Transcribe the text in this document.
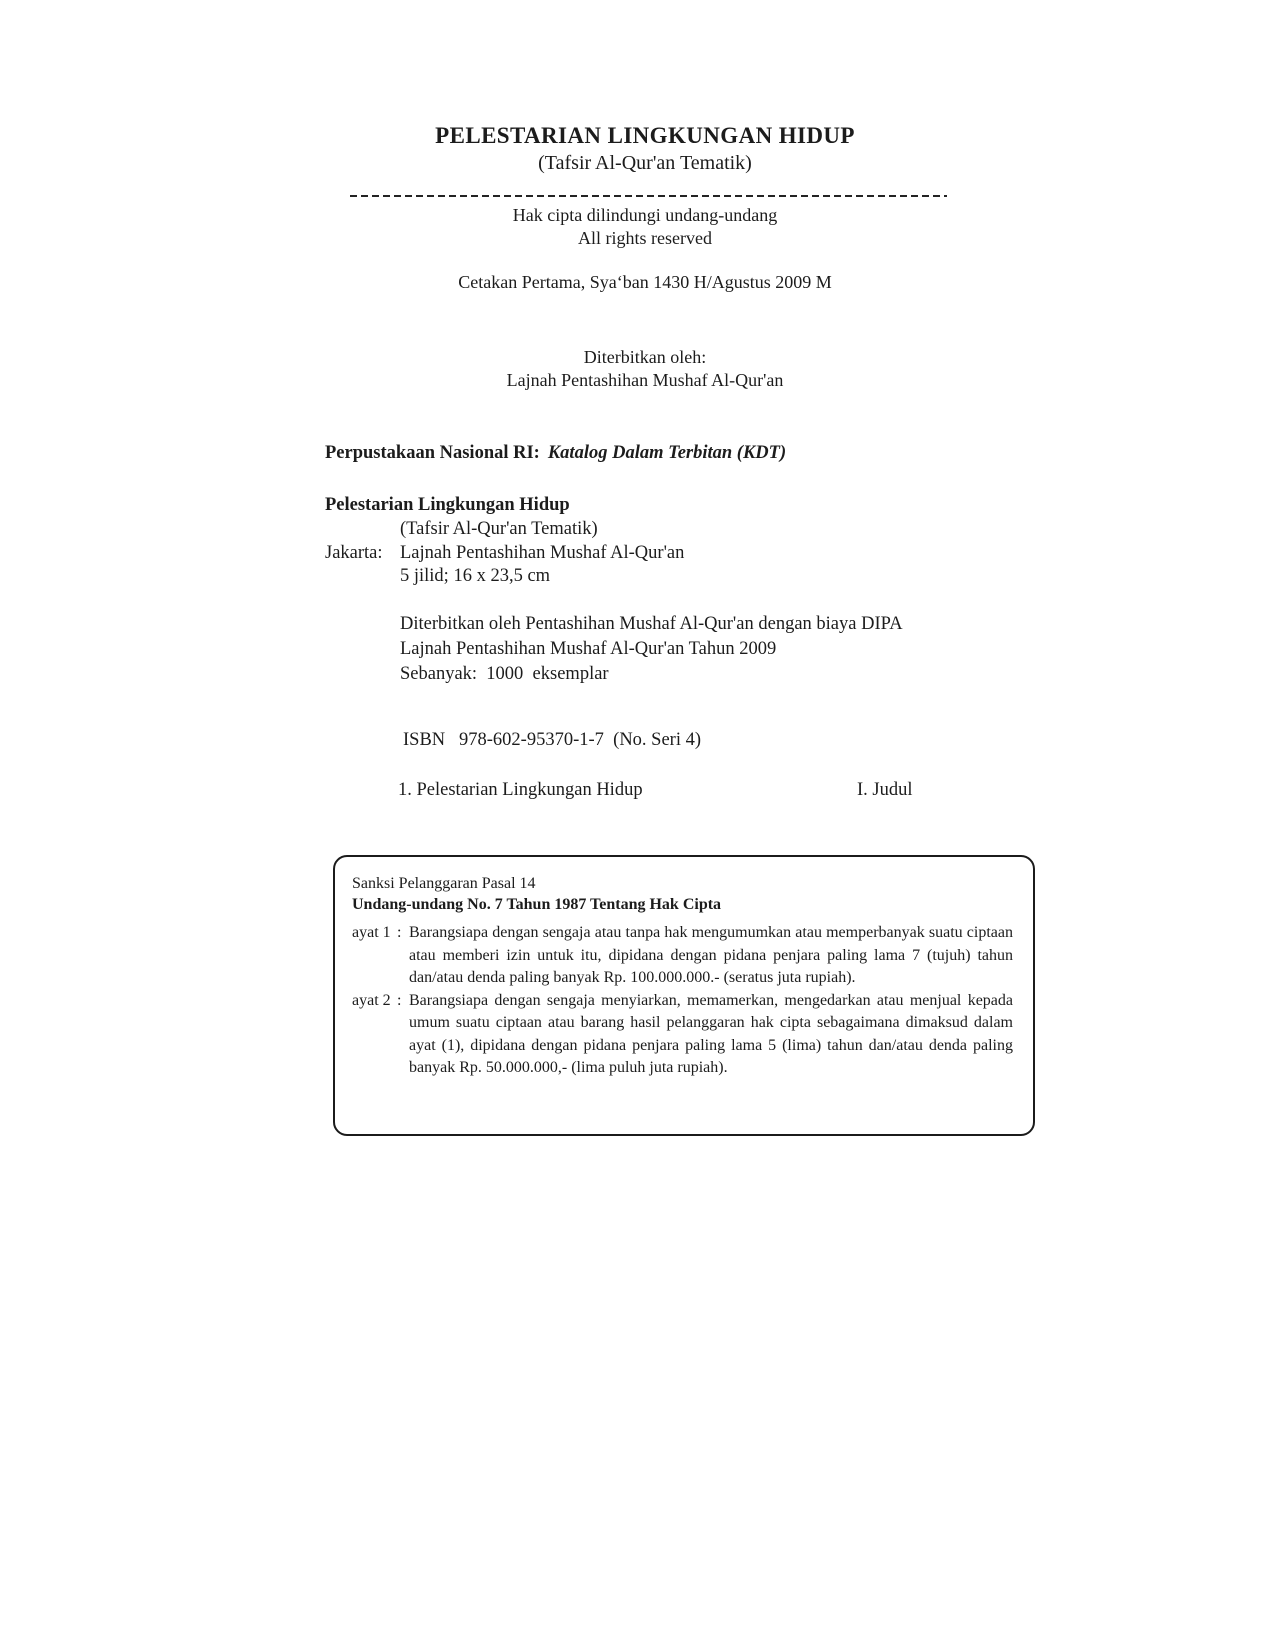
PELESTARIAN LINGKUNGAN HIDUP
(Tafsir Al-Qur'an Tematik)
Hak cipta dilindungi undang-undang
All rights reserved
Cetakan Pertama, Sya‘ban 1430 H/Agustus 2009 M
Diterbitkan oleh:
Lajnah Pentashihan Mushaf Al-Qur'an
Perpustakaan Nasional RI: Katalog Dalam Terbitan (KDT)
Pelestarian Lingkungan Hidup
(Tafsir Al-Qur'an Tematik)
Jakarta: Lajnah Pentashihan Mushaf Al-Qur'an
5 jilid; 16 x 23,5 cm
Diterbitkan oleh Pentashihan Mushaf Al-Qur'an dengan biaya DIPA
Lajnah Pentashihan Mushaf Al-Qur'an Tahun 2009
Sebanyak:  1000  eksemplar
ISBN   978-602-95370-1-7  (No. Seri 4)
1. Pelestarian Lingkungan Hidup	I. Judul
Sanksi Pelanggaran Pasal 14
Undang-undang No. 7 Tahun 1987 Tentang Hak Cipta
ayat 1 : Barangsiapa dengan sengaja atau tanpa hak mengumumkan atau memperbanyak suatu ciptaan atau memberi izin untuk itu, dipidana dengan pidana penjara paling lama 7 (tujuh) tahun dan/atau denda paling banyak Rp. 100.000.000.- (seratus juta rupiah).
ayat 2 : Barangsiapa dengan sengaja menyiarkan, memamerkan, mengedarkan atau menjual kepada umum suatu ciptaan atau barang hasil pelanggaran hak cipta sebagaimana dimaksud dalam ayat (1), dipidana dengan pidana penjara paling lama 5 (lima) tahun dan/atau denda paling banyak Rp. 50.000.000,- (lima puluh juta rupiah).
